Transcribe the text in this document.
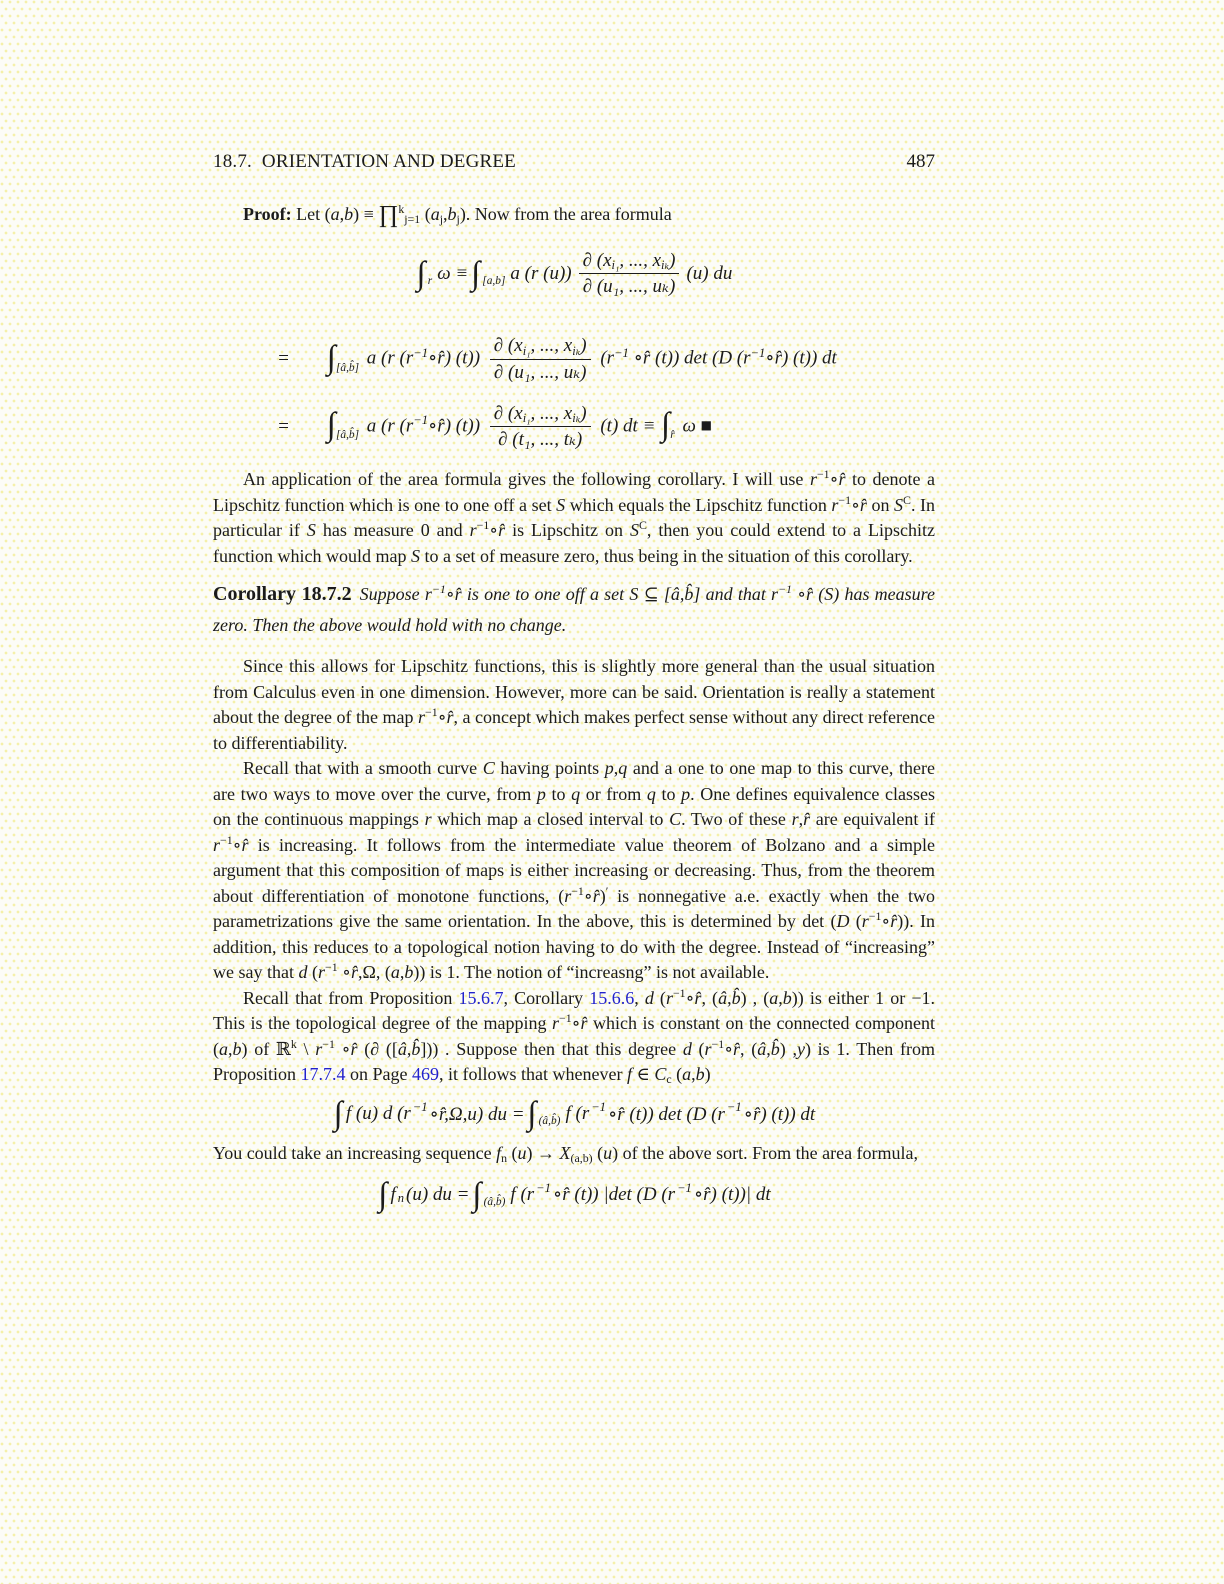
18.7.  ORIENTATION AND DEGREE	487

Proof: Let (a,b) ≡ ∏$^k_{j=1}$ $(a_j,b_j)$. Now from the area formula

$\int_r$ $\omega \equiv \int_{[a,b]}$ a (r $(u)) \frac{\partial (x_{i_1}, ..., x_{i_k})}{\text{∂ (u₁, ..., uₖ)}} (u)$ du
= $\int_{[â,b̂]}$ a (r $(r^{-1}\circ r̂)$ $(t)) \frac{\partial (x_{i_1}, ..., x_{i_k})}{\text{∂ (u₁, ..., uₖ)}} (r^{-1}$ ∘r̂ (t)) det (D $(r^{-1}\circ r̂)$ (t)) dt
= $\int_{[â,b̂]}$ a (r $(r^{-1}\circ r̂)$ $(t)) \frac{\partial (x_{i_1}, ..., x_{i_k})}{\text{∂ (t₁, ..., tₖ)}} (t)$ dt ≡ $\int_{r̂}$ ω ■

An application of the area formula gives the following corollary. I will use $r^{-1}\circ r̂$ to denote a Lipschitz function which is one to one off a set S which equals the Lipschitz function $r^{-1}\circ r̂$ on $S^C$. In particular if S has measure 0 and $r^{-1}\circ r̂$ is Lipschitz on $S^C$, then you could extend to a Lipschitz function which would map S to a set of measure zero, thus being in the situation of this corollary.

Corollary 18.7.2 Suppose $r^{-1}\circ r̂$ is one to one off a set S ⊆ [â,b̂] and that $r^{-1}$ ∘r̂ (S) has measure zero. Then the above would hold with no change.

Since this allows for Lipschitz functions, this is slightly more general than the usual situation from Calculus even in one dimension. However, more can be said. Orientation is really a statement about the degree of the map $r^{-1}\circ r̂$, a concept which makes perfect sense without any direct reference to differentiability.

Recall that with a smooth curve C having points p,q and a one to one map to this curve, there are two ways to move over the curve, from p to q or from q to p. One defines equivalence classes on the continuous mappings r which map a closed interval to C. Two of these r,r̂ are equivalent if $r^{-1}\circ r̂$ is increasing. It follows from the intermediate value theorem of Bolzano and a simple argument that this composition of maps is either increasing or decreasing. Thus, from the theorem about differentiation of monotone functions, $(r^{-1}\circ r̂)'$ is nonnegative a.e. exactly when the two parametrizations give the same orientation. In the above, this is determined by det (D $(r^{-1}\circ r̂)$). In addition, this reduces to a topological notion having to do with the degree. Instead of “increasing” we say that d ($r^{-1}$ ∘r̂,Ω, (a,b)) is 1. The notion of “increasng” is not available.

Recall that from Proposition 15.6.7, Corollary 15.6.6, d ($r^{-1}\circ r̂$, (â,b̂) , (a,b)) is either 1 or −1. This is the topological degree of the mapping $r^{-1}\circ r̂$ which is constant on the connected component (a,b) of ℝ$^k$ \ $r^{-1}$ ∘r̂ (∂ ([â,b̂])) . Suppose then that this degree d ($r^{-1}\circ r̂$, (â,b̂) ,y) is 1. Then from Proposition 17.7.4 on Page 469, it follows that whenever f ∈ $C_c$ (a,b)

∫ f (u) d ($r^{-1}$ ∘r̂,Ω,u) du = $\int_{(â,b̂)}$ f ($r^{-1}$ ∘r̂ (t)) det (D ($r^{-1}$ ∘r̂) (t)) dt

You could take an increasing sequence $f_n$ $(u) \to X_{(a,b)}$ (u) of the above sort. From the area formula,

∫ $f_n$ (u) du = $\int_{(â,b̂)}$ f ($r^{-1}$ ∘r̂ (t)) |det (D ($r^{-1}$ ∘r̂) (t))| dt
